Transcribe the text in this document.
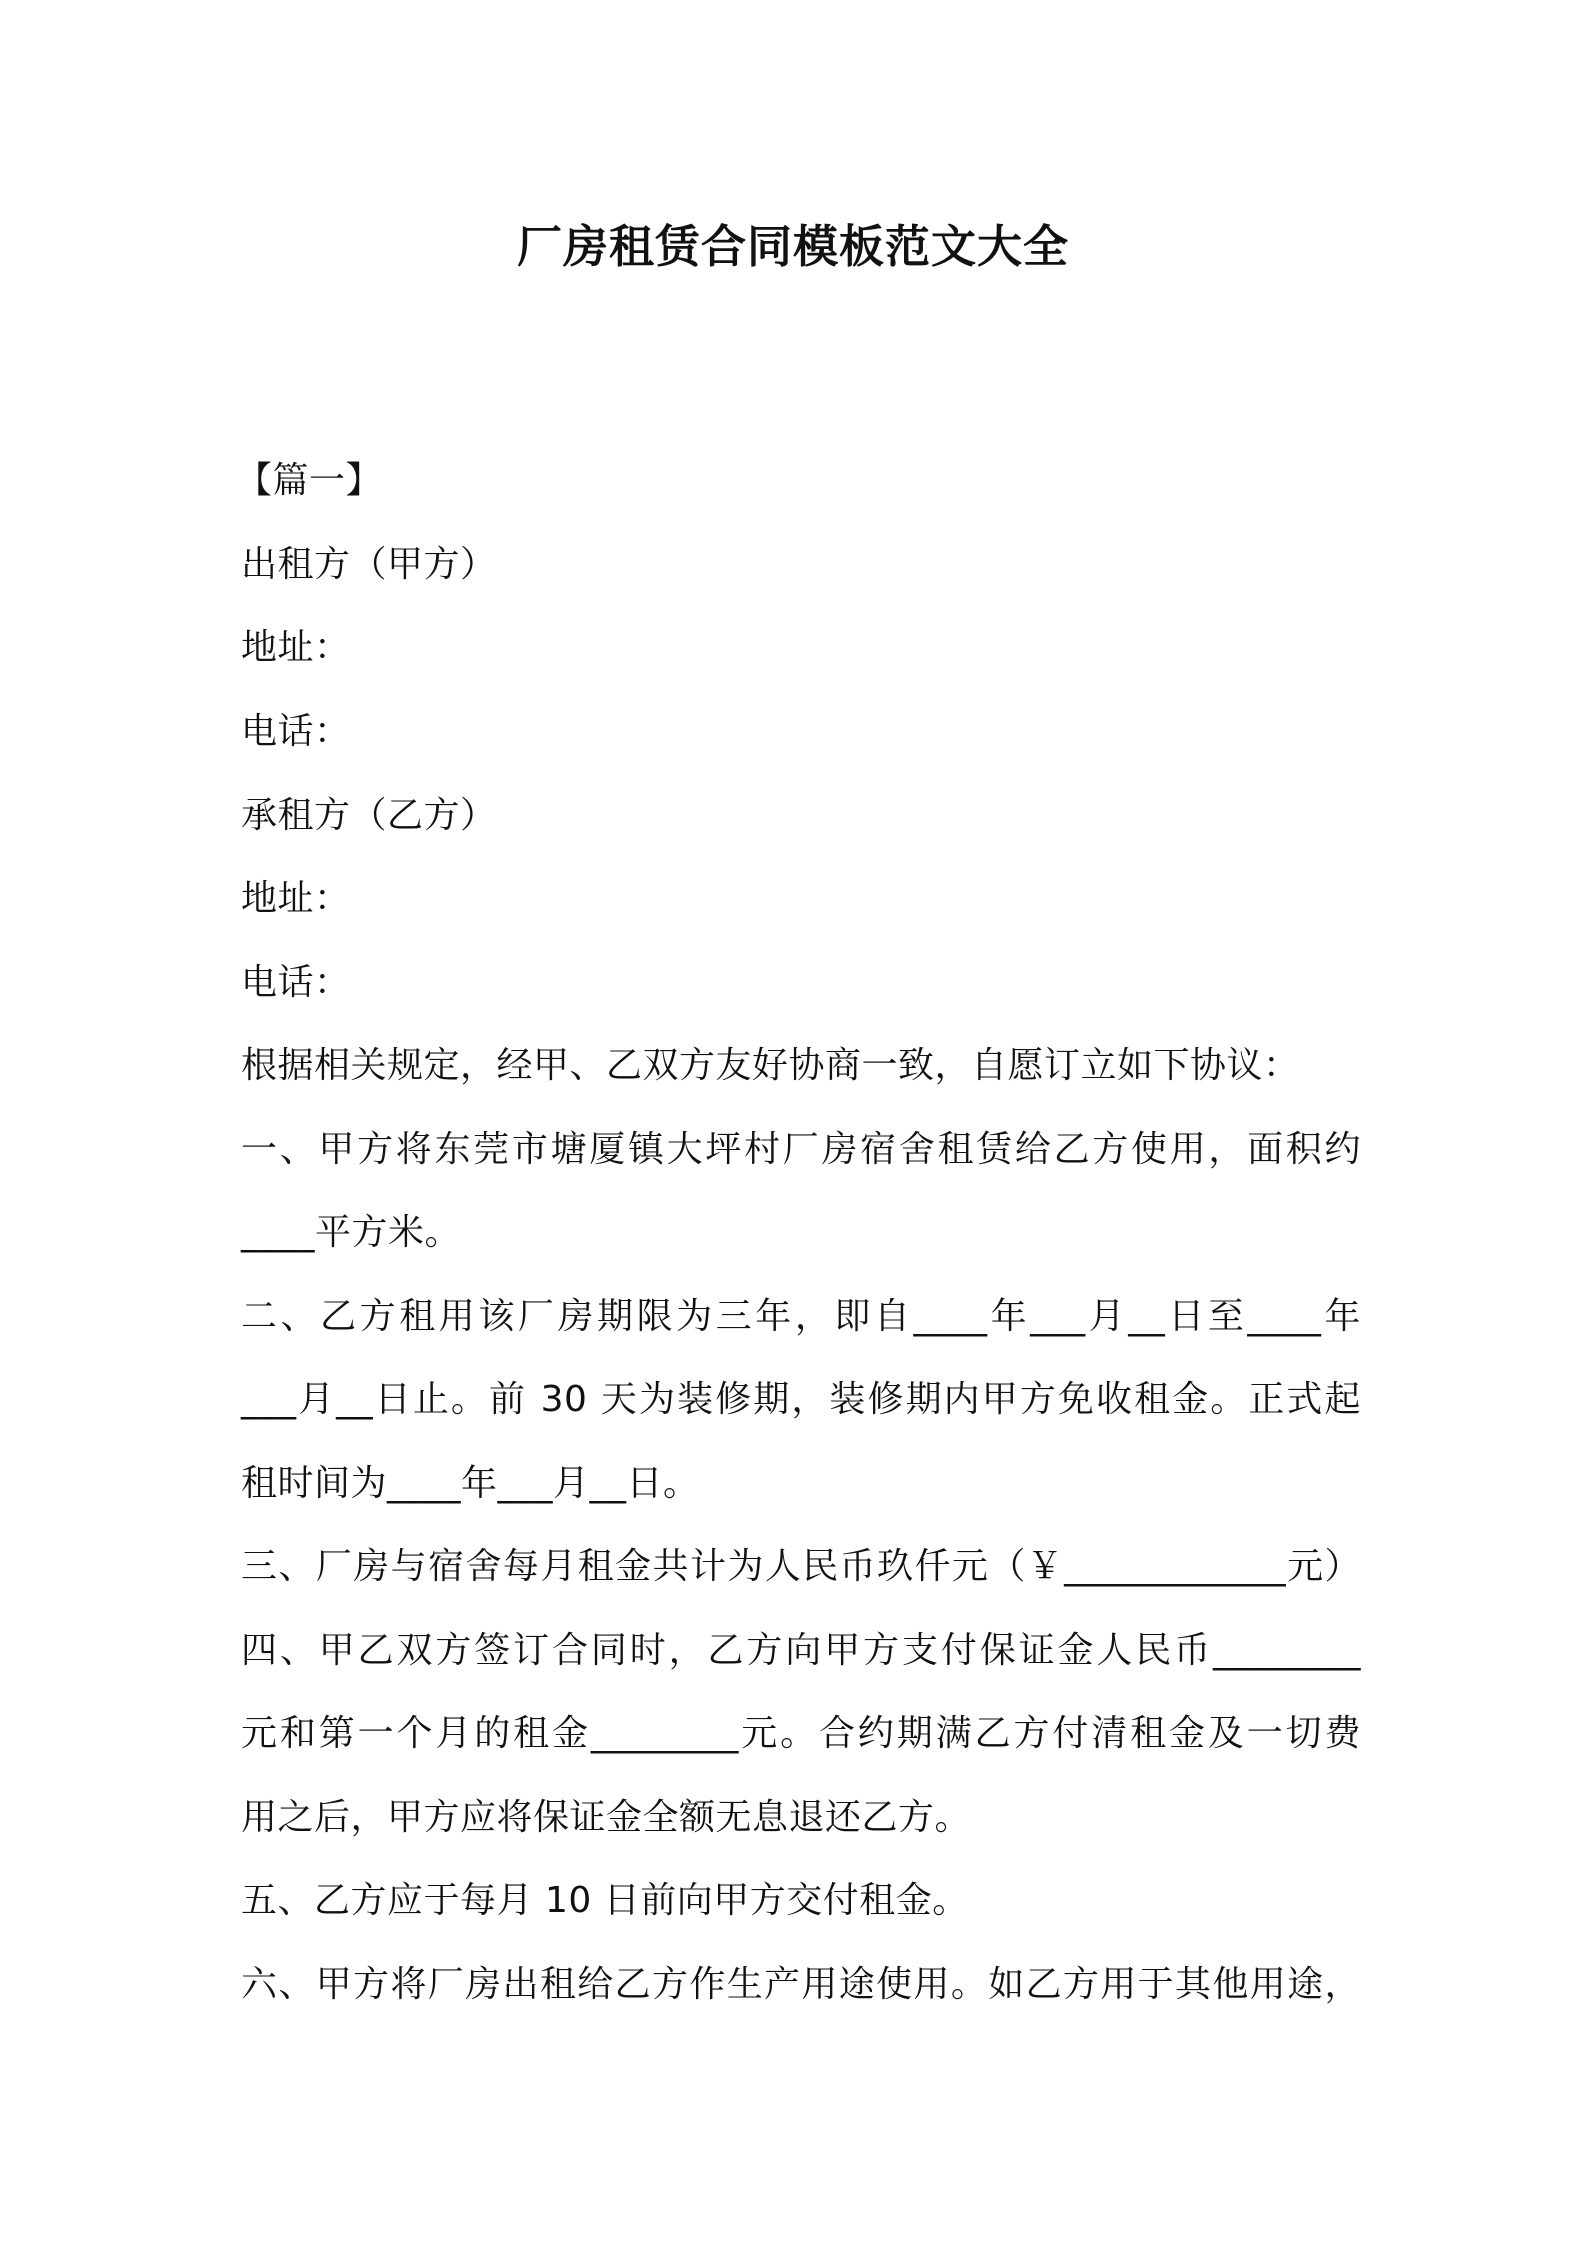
厂房租赁合同模板范文大全
【篇一】
出租方（甲方）
地址：
电话：
承租方（乙方）
地址：
电话：
根据相关规定，经甲、乙双方友好协商一致，自愿订立如下协议：
一、甲方将东莞市塘厦镇大坪村厂房宿舍租赁给乙方使用，面积约
____平方米。
二、乙方租用该厂房期限为三年，即自____年___月__日至____年
___月__日止。前 30 天为装修期，装修期内甲方免收租金。正式起
租时间为____年___月__日。
三、厂房与宿舍每月租金共计为人民币玖仟元（￥____________元）
四、甲乙双方签订合同时，乙方向甲方支付保证金人民币________
元和第一个月的租金________元。合约期满乙方付清租金及一切费
用之后，甲方应将保证金全额无息退还乙方。
五、乙方应于每月 10 日前向甲方交付租金。
六、甲方将厂房出租给乙方作生产用途使用。如乙方用于其他用途，
